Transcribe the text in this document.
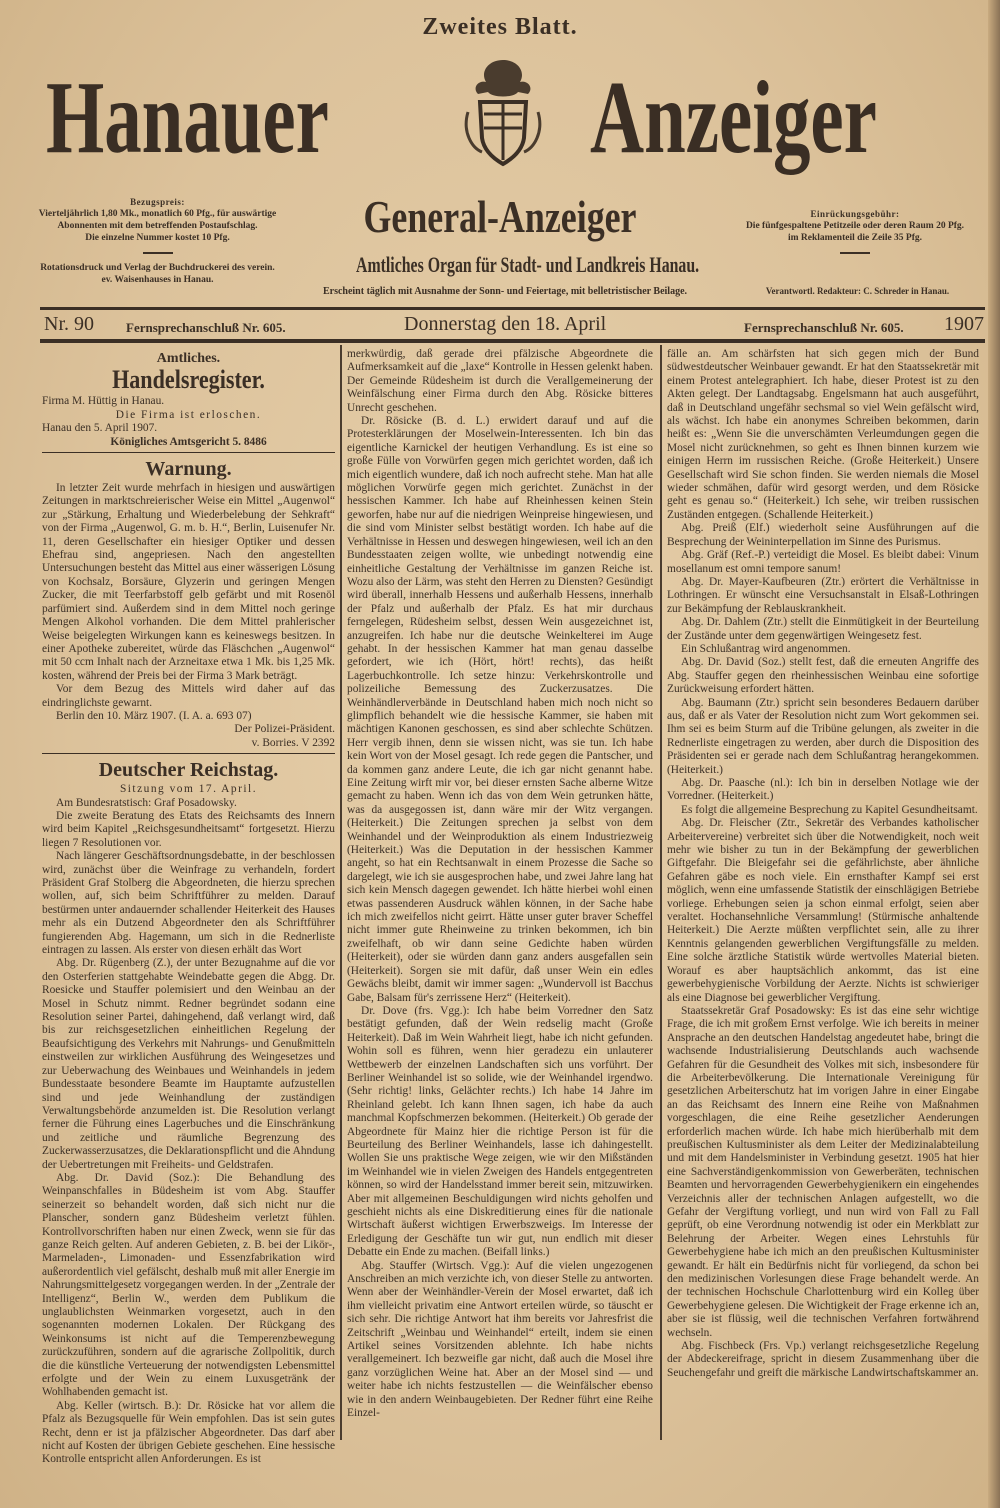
Zweites Blatt.
Hanauer	Anzeiger
Bezugspreis:
Vierteljährlich 1,80 Mk., monatlich 60 Pfg., für auswärtige Abonnenten mit dem betreffenden Postaufschlag.
Die einzelne Nummer kostet 10 Pfg.
Rotationsdruck und Verlag der Buchdruckerei des verein. ev. Waisenhauses in Hanau.
General-Anzeiger
Amtliches Organ für Stadt- und Landkreis Hanau.
Erscheint täglich mit Ausnahme der Sonn- und Feiertage, mit belletristischer Beilage.
Einrückungsgebühr:
Die fünfgespaltene Petitzeile oder deren Raum 20 Pfg.
im Reklamenteil die Zeile 35 Pfg.
Verantwortl. Redakteur: C. Schreder in Hanau.
Nr. 90 Fernsprechanschluß Nr. 605.	Donnerstag den 18. April	Fernsprechanschluß Nr. 605. 1907

Amtliches.

Handelsregister.

Firma M. Hüttig in Hanau.

Die Firma ist erloschen.

Hanau den 5. April 1907.

Königliches Amtsgericht 5. 8486

Warnung.

In letzter Zeit wurde mehrfach in hiesigen und auswärtigen Zeitungen in marktschreierischer Weise ein Mittel „Augenwol“ zur „Stärkung, Erhaltung und Wiederbelebung der Sehkraft“ von der Firma „Augenwol, G. m. b. H.“, Berlin, Luisenufer Nr. 11, deren Gesellschafter ein hiesiger Optiker und dessen Ehefrau sind, angepriesen. Nach den angestellten Untersuchungen besteht das Mittel aus einer wässerigen Lösung von Kochsalz, Borsäure, Glyzerin und geringen Mengen Zucker, die mit Teerfarbstoff gelb gefärbt und mit Rosenöl parfümiert sind. Außerdem sind in dem Mittel noch geringe Mengen Alkohol vorhanden. Die dem Mittel prahlerischer Weise beigelegten Wirkungen kann es keineswegs besitzen. In einer Apotheke zubereitet, würde das Fläschchen „Augenwol“ mit 50 ccm Inhalt nach der Arzneitaxe etwa 1 Mk. bis 1,25 Mk. kosten, während der Preis bei der Firma 3 Mark beträgt.

Vor dem Bezug des Mittels wird daher auf das eindringlichste gewarnt.

Berlin den 10. März 1907. (I. A. a. 693 07)

Der Polizei-Präsident.

v. Borries. V 2392

Deutscher Reichstag.

Sitzung vom 17. April.

Am Bundesratstisch: Graf Posadowsky.

Die zweite Beratung des Etats des Reichsamts des Innern wird beim Kapitel „Reichsgesundheitsamt“ fortgesetzt. Hierzu liegen 7 Resolutionen vor.

Nach längerer Geschäftsordnungsdebatte, in der beschlossen wird, zunächst über die Weinfrage zu verhandeln, fordert Präsident Graf Stolberg die Abgeordneten, die hierzu sprechen wollen, auf, sich beim Schriftführer zu melden. Darauf bestürmen unter andauernder schallender Heiterkeit des Hauses mehr als ein Dutzend Abgeordneter den als Schriftführer fungierenden Abg. Hagemann, um sich in die Rednerliste eintragen zu lassen. Als erster von diesen erhält das Wort

Abg. Dr. Rügenberg (Z.), der unter Bezugnahme auf die vor den Osterferien stattgehabte Weindebatte gegen die Abgg. Dr. Roesicke und Stauffer polemisiert und den Weinbau an der Mosel in Schutz nimmt. Redner begründet sodann eine Resolution seiner Partei, dahingehend, daß verlangt wird, daß bis zur reichsgesetzlichen einheitlichen Regelung der Beaufsichtigung des Verkehrs mit Nahrungs- und Genußmitteln einstweilen zur wirklichen Ausführung des Weingesetzes und zur Ueberwachung des Weinbaues und Weinhandels in jedem Bundesstaate besondere Beamte im Hauptamte aufzustellen sind und jede Weinhandlung der zuständigen Verwaltungsbehörde anzumelden ist. Die Resolution verlangt ferner die Führung eines Lagerbuches und die Einschränkung und zeitliche und räumliche Begrenzung des Zuckerwasserzusatzes, die Deklarationspflicht und die Ahndung der Uebertretungen mit Freiheits- und Geldstrafen.

Abg. Dr. David (Soz.): Die Behandlung des Weinpanschfalles in Büdesheim ist vom Abg. Stauffer seinerzeit so behandelt worden, daß sich nicht nur die Planscher, sondern ganz Büdesheim verletzt fühlen. Kontrollvorschriften haben nur einen Zweck, wenn sie für das ganze Reich gelten. Auf anderen Gebieten, z. B. bei der Likör-, Marmeladen-, Limonaden- und Essenzfabrikation wird außerordentlich viel gefälscht, deshalb muß mit aller Energie im Nahrungsmittelgesetz vorgegangen werden. In der „Zentrale der Intelligenz“, Berlin W., werden dem Publikum die unglaublichsten Weinmarken vorgesetzt, auch in den sogenannten modernen Lokalen. Der Rückgang des Weinkonsums ist nicht auf die Temperenzbewegung zurückzuführen, sondern auf die agrarische Zollpolitik, durch die die künstliche Verteuerung der notwendigsten Lebensmittel erfolgte und der Wein zu einem Luxusgetränk der Wohlhabenden gemacht ist.

Abg. Keller (wirtsch. B.): Dr. Rösicke hat vor allem die Pfalz als Bezugsquelle für Wein empfohlen. Das ist sein gutes Recht, denn er ist ja pfälzischer Abgeordneter. Das darf aber nicht auf Kosten der übrigen Gebiete geschehen. Eine hessische Kontrolle entspricht allen Anforderungen. Es ist

merkwürdig, daß gerade drei pfälzische Abgeordnete die Aufmerksamkeit auf die „laxe“ Kontrolle in Hessen gelenkt haben. Der Gemeinde Rüdesheim ist durch die Verallgemeinerung der Weinfälschung einer Firma durch den Abg. Rösicke bitteres Unrecht geschehen.

Dr. Rösicke (B. d. L.) erwidert darauf und auf die Protesterklärungen der Moselwein-Interessenten. Ich bin das eigentliche Karnickel der heutigen Verhandlung. Es ist eine so große Fülle von Vorwürfen gegen mich gerichtet worden, daß ich mich eigentlich wundere, daß ich noch aufrecht stehe. Man hat alle möglichen Vorwürfe gegen mich gerichtet. Zunächst in der hessischen Kammer. Ich habe auf Rheinhessen keinen Stein geworfen, habe nur auf die niedrigen Weinpreise hingewiesen, und die sind vom Minister selbst bestätigt worden. Ich habe auf die Verhältnisse in Hessen und deswegen hingewiesen, weil ich an den Bundesstaaten zeigen wollte, wie unbedingt notwendig eine einheitliche Gestaltung der Verhältnisse im ganzen Reiche ist. Wozu also der Lärm, was steht den Herren zu Diensten? Gesündigt wird überall, innerhalb Hessens und außerhalb Hessens, innerhalb der Pfalz und außerhalb der Pfalz. Es hat mir durchaus ferngelegen, Rüdesheim selbst, dessen Wein ausgezeichnet ist, anzugreifen. Ich habe nur die deutsche Weinkelterei im Auge gehabt. In der hessischen Kammer hat man genau dasselbe gefordert, wie ich (Hört, hört! rechts), das heißt Lagerbuchkontrolle. Ich setze hinzu: Verkehrskontrolle und polizeiliche Bemessung des Zuckerzusatzes. Die Weinhändlerverbände in Deutschland haben mich noch nicht so glimpflich behandelt wie die hessische Kammer, sie haben mit mächtigen Kanonen geschossen, es sind aber schlechte Schützen. Herr vergib ihnen, denn sie wissen nicht, was sie tun. Ich habe kein Wort von der Mosel gesagt. Ich rede gegen die Pantscher, und da kommen ganz andere Leute, die ich gar nicht genannt habe. Eine Zeitung wirft mir vor, bei dieser ernsten Sache alberne Witze gemacht zu haben. Wenn ich das von dem Wein getrunken hätte, was da ausgegossen ist, dann wäre mir der Witz vergangen. (Heiterkeit.) Die Zeitungen sprechen ja selbst von dem Weinhandel und der Weinproduktion als einem Industriezweig (Heiterkeit.) Was die Deputation in der hessischen Kammer angeht, so hat ein Rechtsanwalt in einem Prozesse die Sache so dargelegt, wie ich sie ausgesprochen habe, und zwei Jahre lang hat sich kein Mensch dagegen gewendet. Ich hätte hierbei wohl einen etwas passenderen Ausdruck wählen können, in der Sache habe ich mich zweifellos nicht geirrt. Hätte unser guter braver Scheffel nicht immer gute Rheinweine zu trinken bekommen, ich bin zweifelhaft, ob wir dann seine Gedichte haben würden (Heiterkeit), oder sie würden dann ganz anders ausgefallen sein (Heiterkeit). Sorgen sie mit dafür, daß unser Wein ein edles Gewächs bleibt, damit wir immer sagen: „Wundervoll ist Bacchus Gabe, Balsam für's zerrissene Herz“ (Heiterkeit).

Dr. Dove (frs. Vgg.): Ich habe beim Vorredner den Satz bestätigt gefunden, daß der Wein redselig macht (Große Heiterkeit). Daß im Wein Wahrheit liegt, habe ich nicht gefunden. Wohin soll es führen, wenn hier geradezu ein unlauterer Wettbewerb der einzelnen Landschaften sich uns vorführt. Der Berliner Weinhandel ist so solide, wie der Weinhandel irgendwo. (Sehr richtig! links, Gelächter rechts.) Ich habe 14 Jahre im Rheinland gelebt. Ich kann Ihnen sagen, ich habe da auch manchmal Kopfschmerzen bekommen. (Heiterkeit.) Ob gerade der Abgeordnete für Mainz hier die richtige Person ist für die Beurteilung des Berliner Weinhandels, lasse ich dahingestellt. Wollen Sie uns praktische Wege zeigen, wie wir den Mißständen im Weinhandel wie in vielen Zweigen des Handels entgegentreten können, so wird der Handelsstand immer bereit sein, mitzuwirken. Aber mit allgemeinen Beschuldigungen wird nichts geholfen und geschieht nichts als eine Diskreditierung eines für die nationale Wirtschaft äußerst wichtigen Erwerbszweigs. Im Interesse der Erledigung der Geschäfte tun wir gut, nun endlich mit dieser Debatte ein Ende zu machen. (Beifall links.)

Abg. Stauffer (Wirtsch. Vgg.): Auf die vielen ungezogenen Anschreiben an mich verzichte ich, von dieser Stelle zu antworten. Wenn aber der Weinhändler-Verein der Mosel erwartet, daß ich ihm vielleicht privatim eine Antwort erteilen würde, so täuscht er sich sehr. Die richtige Antwort hat ihm bereits vor Jahresfrist die Zeitschrift „Weinbau und Weinhandel“ erteilt, indem sie einen Artikel seines Vorsitzenden ablehnte. Ich habe nichts verallgemeinert. Ich bezweifle gar nicht, daß auch die Mosel ihre ganz vorzüglichen Weine hat. Aber an der Mosel sind — und weiter habe ich nichts festzustellen — die Weinfälscher ebenso wie in den andern Weinbaugebieten. Der Redner führt eine Reihe Einzel-

fälle an. Am schärfsten hat sich gegen mich der Bund südwestdeutscher Weinbauer gewandt. Er hat den Staatssekretär mit einem Protest antelegraphiert. Ich habe, dieser Protest ist zu den Akten gelegt. Der Landtagsabg. Engelsmann hat auch ausgeführt, daß in Deutschland ungefähr sechsmal so viel Wein gefälscht wird, als wächst. Ich habe ein anonymes Schreiben bekommen, darin heißt es: „Wenn Sie die unverschämten Verleumdungen gegen die Mosel nicht zurücknehmen, so geht es Ihnen binnen kurzem wie einigen Herrn im russischen Reiche. (Große Heiterkeit.) Unsere Gesellschaft wird Sie schon finden. Sie werden niemals die Mosel wieder schmähen, dafür wird gesorgt werden, und dem Rösicke geht es genau so.“ (Heiterkeit.) Ich sehe, wir treiben russischen Zuständen entgegen. (Schallende Heiterkeit.)

Abg. Preiß (Elf.) wiederholt seine Ausführungen auf die Besprechung der Weininterpellation im Sinne des Purismus.

Abg. Gräf (Ref.-P.) verteidigt die Mosel. Es bleibt dabei: Vinum mosellanum est omni tempore sanum!

Abg. Dr. Mayer-Kaufbeuren (Ztr.) erörtert die Verhältnisse in Lothringen. Er wünscht eine Versuchsanstalt in Elsaß-Lothringen zur Bekämpfung der Reblauskrankheit.

Abg. Dr. Dahlem (Ztr.) stellt die Einmütigkeit in der Beurteilung der Zustände unter dem gegenwärtigen Weingesetz fest.

Ein Schlußantrag wird angenommen.

Abg. Dr. David (Soz.) stellt fest, daß die erneuten Angriffe des Abg. Stauffer gegen den rheinhessischen Weinbau eine sofortige Zurückweisung erfordert hätten.

Abg. Baumann (Ztr.) spricht sein besonderes Bedauern darüber aus, daß er als Vater der Resolution nicht zum Wort gekommen sei. Ihm sei es beim Sturm auf die Tribüne gelungen, als zweiter in die Rednerliste eingetragen zu werden, aber durch die Disposition des Präsidenten sei er gerade nach dem Schlußantrag herangekommen. (Heiterkeit.)

Abg. Dr. Paasche (nl.): Ich bin in derselben Notlage wie der Vorredner. (Heiterkeit.)

Es folgt die allgemeine Besprechung zu Kapitel Gesundheitsamt.

Abg. Dr. Fleischer (Ztr., Sekretär des Verbandes katholischer Arbeitervereine) verbreitet sich über die Notwendigkeit, noch weit mehr wie bisher zu tun in der Bekämpfung der gewerblichen Giftgefahr. Die Bleigefahr sei die gefährlichste, aber ähnliche Gefahren gäbe es noch viele. Ein ernsthafter Kampf sei erst möglich, wenn eine umfassende Statistik der einschlägigen Betriebe vorliege. Erhebungen seien ja schon einmal erfolgt, seien aber veraltet. Hochansehnliche Versammlung! (Stürmische anhaltende Heiterkeit.) Die Aerzte müßten verpflichtet sein, alle zu ihrer Kenntnis gelangenden gewerblichen Vergiftungsfälle zu melden. Eine solche ärztliche Statistik würde wertvolles Material bieten. Worauf es aber hauptsächlich ankommt, das ist eine gewerbehygienische Vorbildung der Aerzte. Nichts ist schwieriger als eine Diagnose bei gewerblicher Vergiftung.

Staatssekretär Graf Posadowsky: Es ist das eine sehr wichtige Frage, die ich mit großem Ernst verfolge. Wie ich bereits in meiner Ansprache an den deutschen Handelstag angedeutet habe, bringt die wachsende Industrialisierung Deutschlands auch wachsende Gefahren für die Gesundheit des Volkes mit sich, insbesondere für die Arbeiterbevölkerung. Die Internationale Vereinigung für gesetzlichen Arbeiterschutz hat im vorigen Jahre in einer Eingabe an das Reichsamt des Innern eine Reihe von Maßnahmen vorgeschlagen, die eine Reihe gesetzlicher Aenderungen erforderlich machen würde. Ich habe mich hierüberhalb mit dem preußischen Kultusminister als dem Leiter der Medizinalabteilung und mit dem Handelsminister in Verbindung gesetzt. 1905 hat hier eine Sachverständigenkommission von Gewerberäten, technischen Beamten und hervorragenden Gewerbehygienikern ein eingehendes Verzeichnis aller der technischen Anlagen aufgestellt, wo die Gefahr der Vergiftung vorliegt, und nun wird von Fall zu Fall geprüft, ob eine Verordnung notwendig ist oder ein Merkblatt zur Belehrung der Arbeiter. Wegen eines Lehrstuhls für Gewerbehygiene habe ich mich an den preußischen Kultusminister gewandt. Er hält ein Bedürfnis nicht für vorliegend, da schon bei den medizinischen Vorlesungen diese Frage behandelt werde. An der technischen Hochschule Charlottenburg wird ein Kolleg über Gewerbehygiene gelesen. Die Wichtigkeit der Frage erkenne ich an, aber sie ist flüssig, weil die technischen Verfahren fortwährend wechseln.

Abg. Fischbeck (Frs. Vp.) verlangt reichsgesetzliche Regelung der Abdeckereifrage, spricht in diesem Zusammenhang über die Seuchengefahr und greift die märkische Landwirtschaftskammer an.
